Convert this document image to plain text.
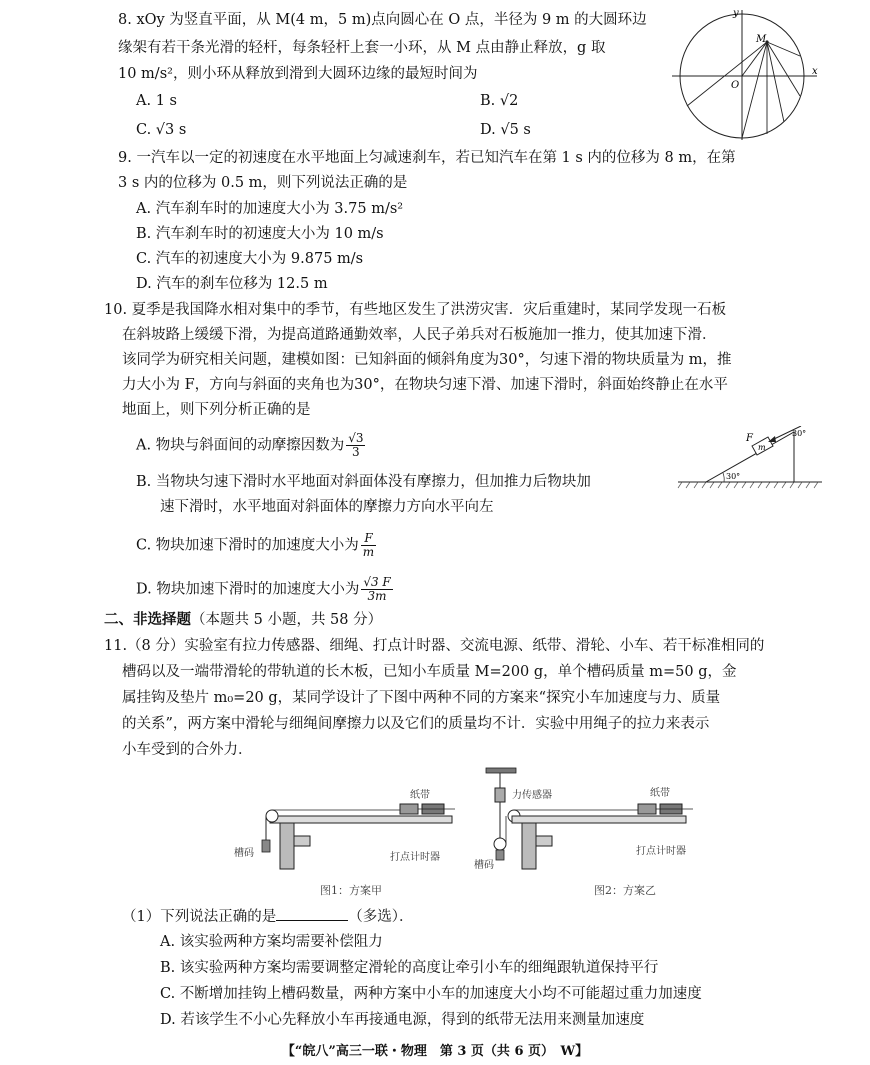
8. xOy 为竖直平面，从 M(4 m，5 m)点向圆心在 O 点，半径为 9 m 的大圆环边
缘架有若干条光滑的轻杆，每条轻杆上套一小环，从 M 点由静止释放，g 取
10 m/s²，则小环从释放到滑到大圆环边缘的最短时间为
A. 1 s	B. √2
C. √3 s	D. √5 s
y
x
O
M
9. 一汽车以一定的初速度在水平地面上匀减速刹车，若已知汽车在第 1 s 内的位移为 8 m，在第
3 s 内的位移为 0.5 m，则下列说法正确的是
A. 汽车刹车时的加速度大小为 3.75 m/s²
B. 汽车刹车时的初速度大小为 10 m/s
C. 汽车的初速度大小为 9.875 m/s
D. 汽车的刹车位移为 12.5 m
10. 夏季是我国降水相对集中的季节，有些地区发生了洪涝灾害．灾后重建时，某同学发现一石板
在斜坡路上缓缓下滑，为提高道路通勤效率，人民子弟兵对石板施加一推力，使其加速下滑．
该同学为研究相关问题，建模如图：已知斜面的倾斜角度为30°，匀速下滑的物块质量为 m，推
力大小为 F，方向与斜面的夹角也为30°，在物块匀速下滑、加速下滑时，斜面始终静止在水平
地面上，则下列分析正确的是
A. 物块与斜面间的动摩擦因数为 $\frac{√3}{3}$
B. 当物块匀速下滑时水平地面对斜面体没有摩擦力，但加推力后物块加
速下滑时，水平地面对斜面体的摩擦力方向水平向左
C. 物块加速下滑时的加速度大小为 $\frac{F}{m}$
D. 物块加速下滑时的加速度大小为 $\frac{√3 F}{3m}$
30°
30°
F
m
二、非选择题（本题共 5 小题，共 58 分）
11.（8 分）实验室有拉力传感器、细绳、打点计时器、交流电源、纸带、滑轮、小车、若干标准相同的
槽码以及一端带滑轮的带轨道的长木板，已知小车质量 M=200 g，单个槽码质量 m=50 g，金
属挂钩及垫片 m₀=20 g，某同学设计了下图中两种不同的方案来“探究小车加速度与力、质量
的关系”，两方案中滑轮与细绳间摩擦力以及它们的质量均不计．实验中用绳子的拉力来表示
小车受到的合外力．
纸带
槽码	打点计时器
图1：方案甲
力传感器	纸带
槽码
打点计时器
图2：方案乙
（1）下列说法正确的是	（多选）．
A. 该实验两种方案均需要补偿阻力
B. 该实验两种方案均需要调整定滑轮的高度让牵引小车的细绳跟轨道保持平行
C. 不断增加挂钩上槽码数量，两种方案中小车的加速度大小均不可能超过重力加速度
D. 若该学生不小心先释放小车再接通电源，得到的纸带无法用来测量加速度
【“皖八”高三一联・物理　第 3 页（共 6 页）　W】
